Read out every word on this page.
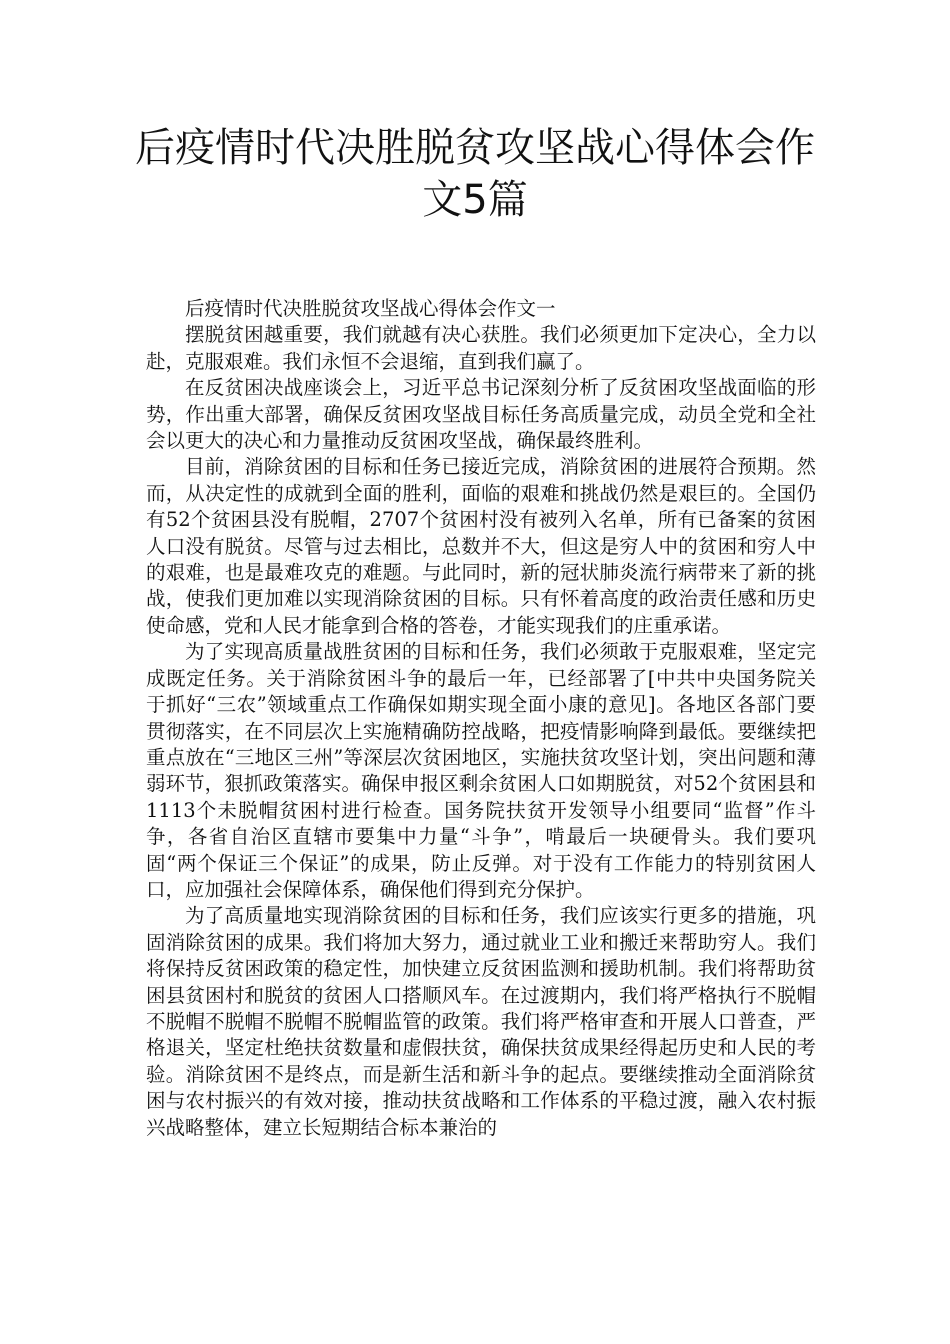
后疫情时代决胜脱贫攻坚战心得体会作
文5篇

后疫情时代决胜脱贫攻坚战心得体会作文一

摆脱贫困越重要，我们就越有决心获胜。我们必须更加下定决心，全力以赴，克服艰难。我们永恒不会退缩，直到我们赢了。

在反贫困决战座谈会上，习近平总书记深刻分析了反贫困攻坚战面临的形势，作出重大部署，确保反贫困攻坚战目标任务高质量完成，动员全党和全社会以更大的决心和力量推动反贫困攻坚战，确保最终胜利。

目前，消除贫困的目标和任务已接近完成，消除贫困的进展符合预期。然而，从决定性的成就到全面的胜利，面临的艰难和挑战仍然是艰巨的。全国仍有52个贫困县没有脱帽，2707个贫困村没有被列入名单，所有已备案的贫困人口没有脱贫。尽管与过去相比，总数并不大，但这是穷人中的贫困和穷人中的艰难，也是最难攻克的难题。与此同时，新的冠状肺炎流行病带来了新的挑战，使我们更加难以实现消除贫困的目标。只有怀着高度的政治责任感和历史使命感，党和人民才能拿到合格的答卷，才能实现我们的庄重承诺。

为了实现高质量战胜贫困的目标和任务，我们必须敢于克服艰难，坚定完成既定任务。关于消除贫困斗争的最后一年，已经部署了[中共中央国务院关于抓好“三农”领域重点工作确保如期实现全面小康的意见]。各地区各部门要贯彻落实，在不同层次上实施精确防控战略，把疫情影响降到最低。要继续把重点放在“三地区三州”等深层次贫困地区，实施扶贫攻坚计划，突出问题和薄弱环节，狠抓政策落实。确保申报区剩余贫困人口如期脱贫，对52个贫困县和1113个未脱帽贫困村进行检查。国务院扶贫开发领导小组要同“监督”作斗争，各省自治区直辖市要集中力量“斗争”，啃最后一块硬骨头。我们要巩固“两个保证三个保证”的成果，防止反弹。对于没有工作能力的特别贫困人口，应加强社会保障体系，确保他们得到充分保护。

为了高质量地实现消除贫困的目标和任务，我们应该实行更多的措施，巩固消除贫困的成果。我们将加大努力，通过就业工业和搬迁来帮助穷人。我们将保持反贫困政策的稳定性，加快建立反贫困监测和援助机制。我们将帮助贫困县贫困村和脱贫的贫困人口搭顺风车。在过渡期内，我们将严格执行不脱帽不脱帽不脱帽不脱帽不脱帽监管的政策。我们将严格审查和开展人口普查，严格退关，坚定杜绝扶贫数量和虚假扶贫，确保扶贫成果经得起历史和人民的考验。消除贫困不是终点，而是新生活和新斗争的起点。要继续推动全面消除贫困与农村振兴的有效对接，推动扶贫战略和工作体系的平稳过渡，融入农村振兴战略整体，建立长短期结合标本兼治的
